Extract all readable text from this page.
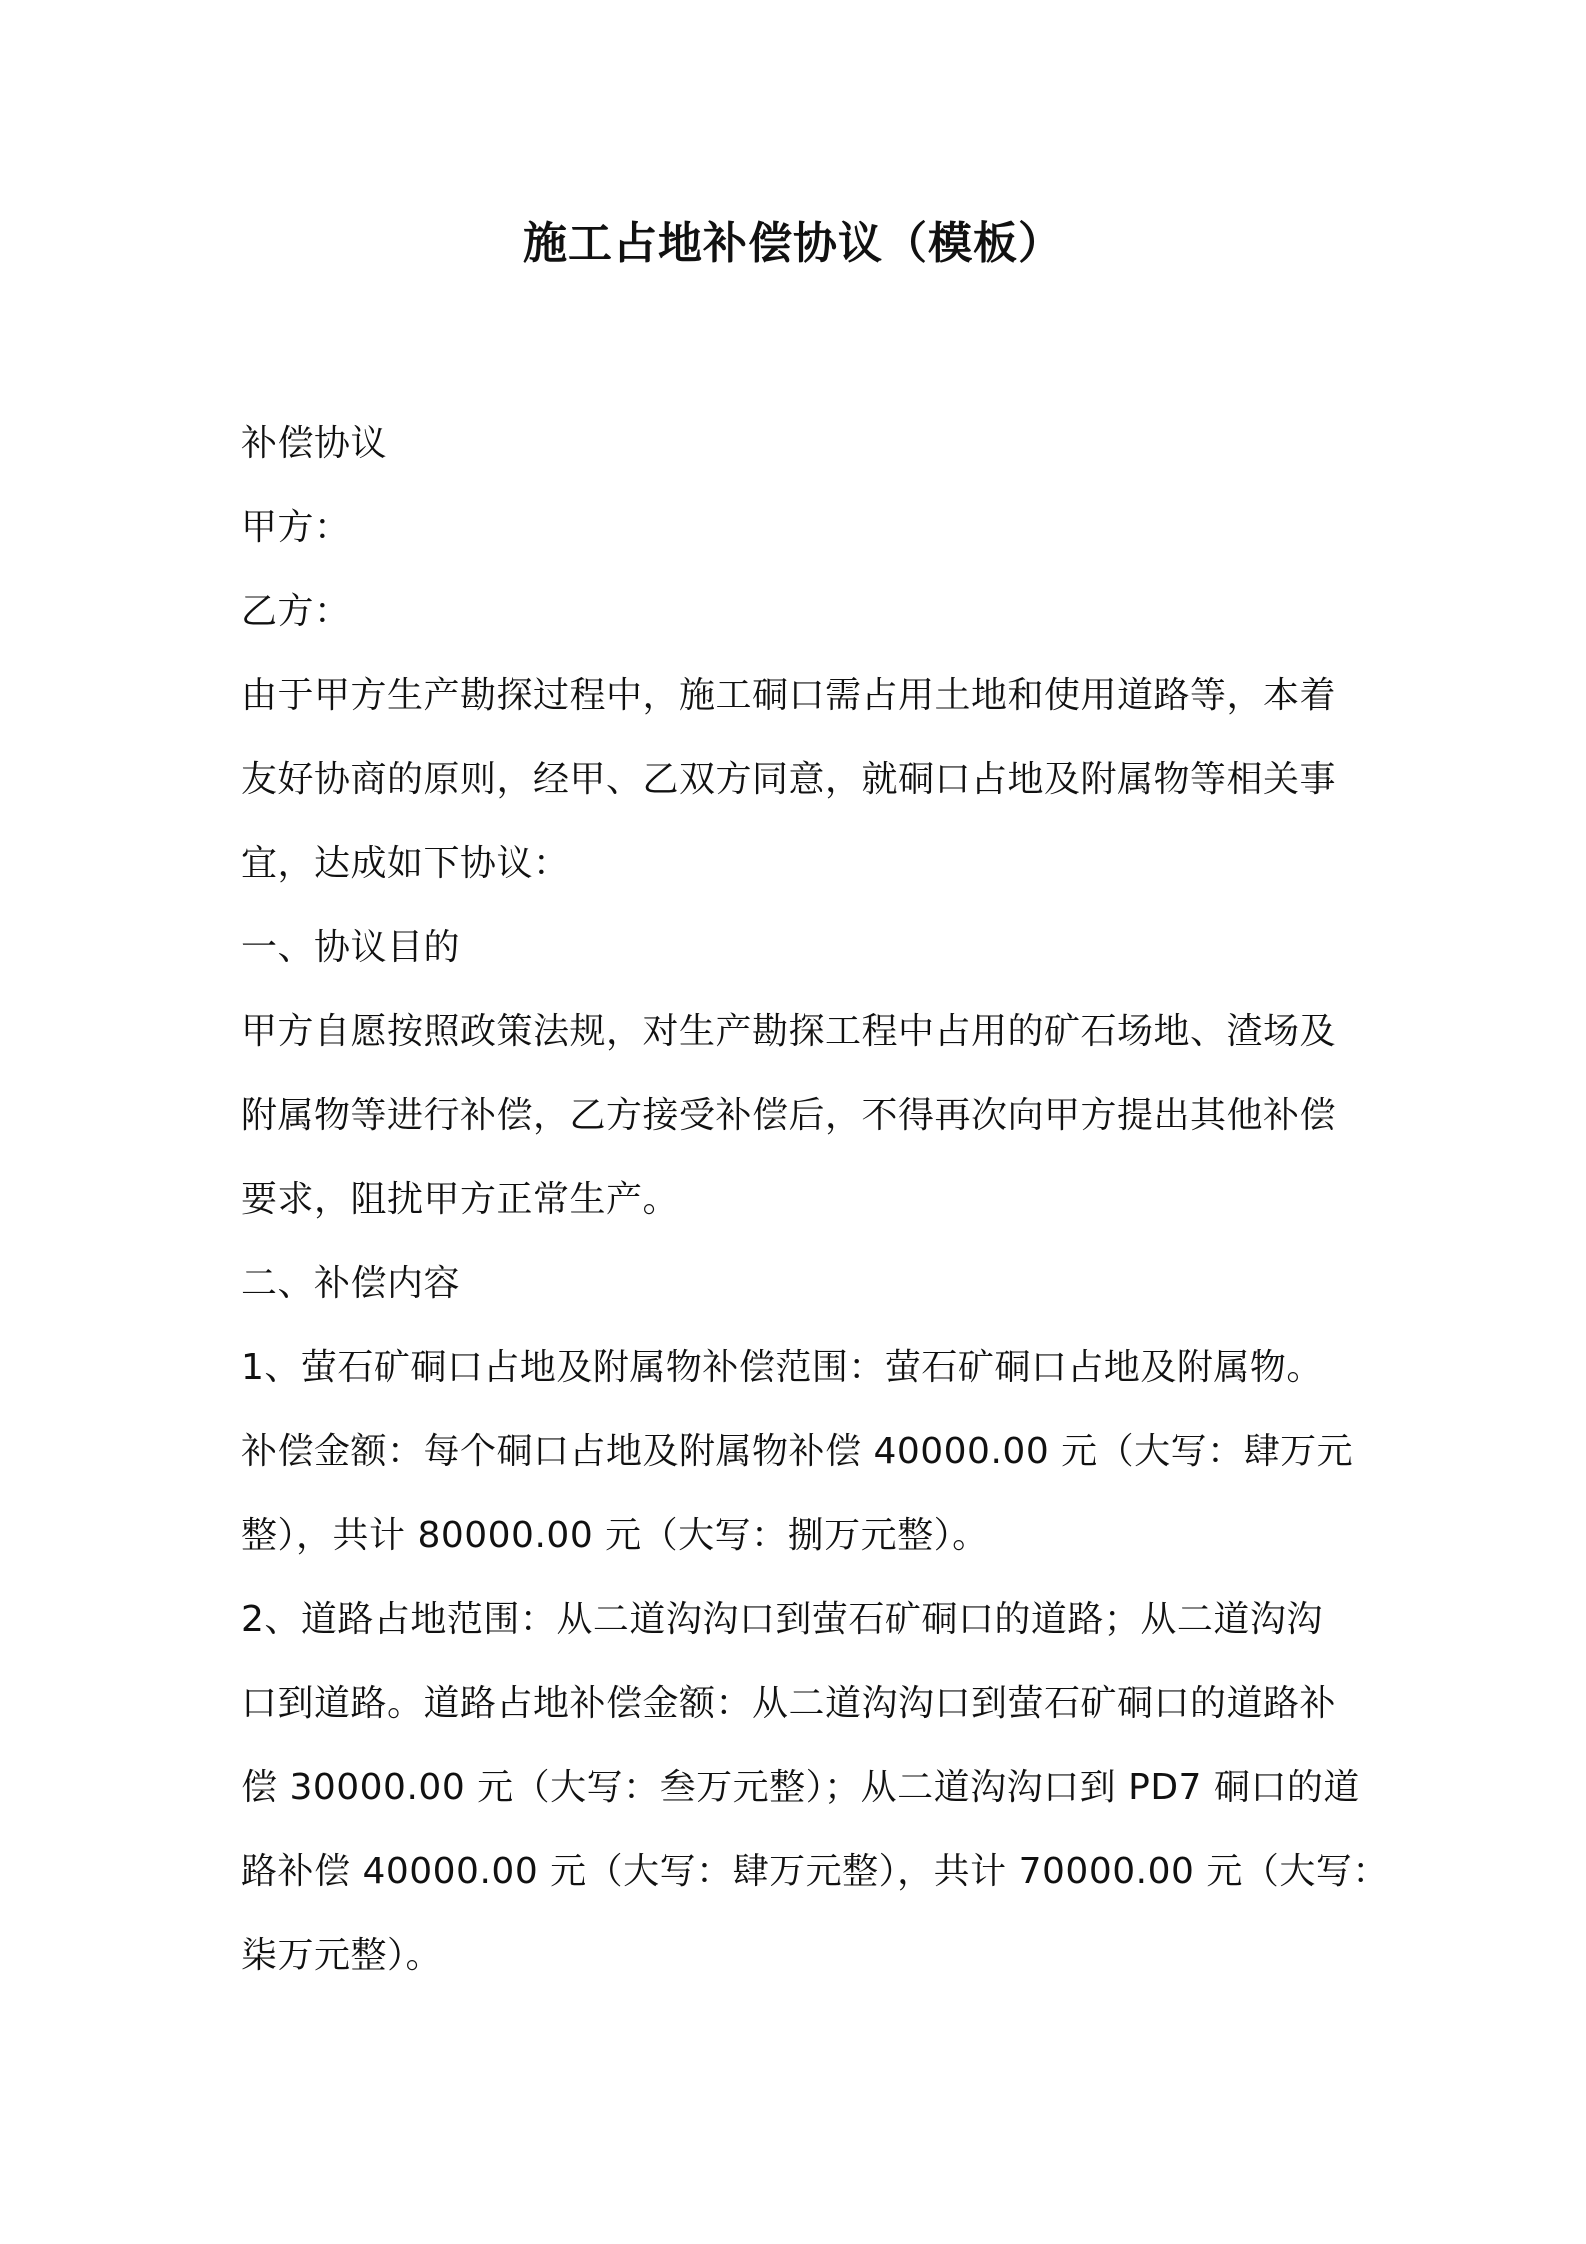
施工占地补偿协议（模板）

补偿协议

甲方：

乙方：

由于甲方生产勘探过程中，施工硐口需占用土地和使用道路等，本着

友好协商的原则，经甲、乙双方同意，就硐口占地及附属物等相关事

宜，达成如下协议：

一、协议目的

甲方自愿按照政策法规，对生产勘探工程中占用的矿石场地、渣场及

附属物等进行补偿，乙方接受补偿后，不得再次向甲方提出其他补偿

要求，阻扰甲方正常生产。

二、补偿内容

1、萤石矿硐口占地及附属物补偿范围：萤石矿硐口占地及附属物。

补偿金额：每个硐口占地及附属物补偿 40000.00 元（大写：肆万元

整），共计 80000.00 元（大写：捌万元整）。

2、道路占地范围：从二道沟沟口到萤石矿硐口的道路；从二道沟沟

口到道路。道路占地补偿金额：从二道沟沟口到萤石矿硐口的道路补

偿 30000.00 元（大写：叁万元整）；从二道沟沟口到 PD7 硐口的道

路补偿 40000.00 元（大写：肆万元整），共计 70000.00 元（大写：

柒万元整）。
